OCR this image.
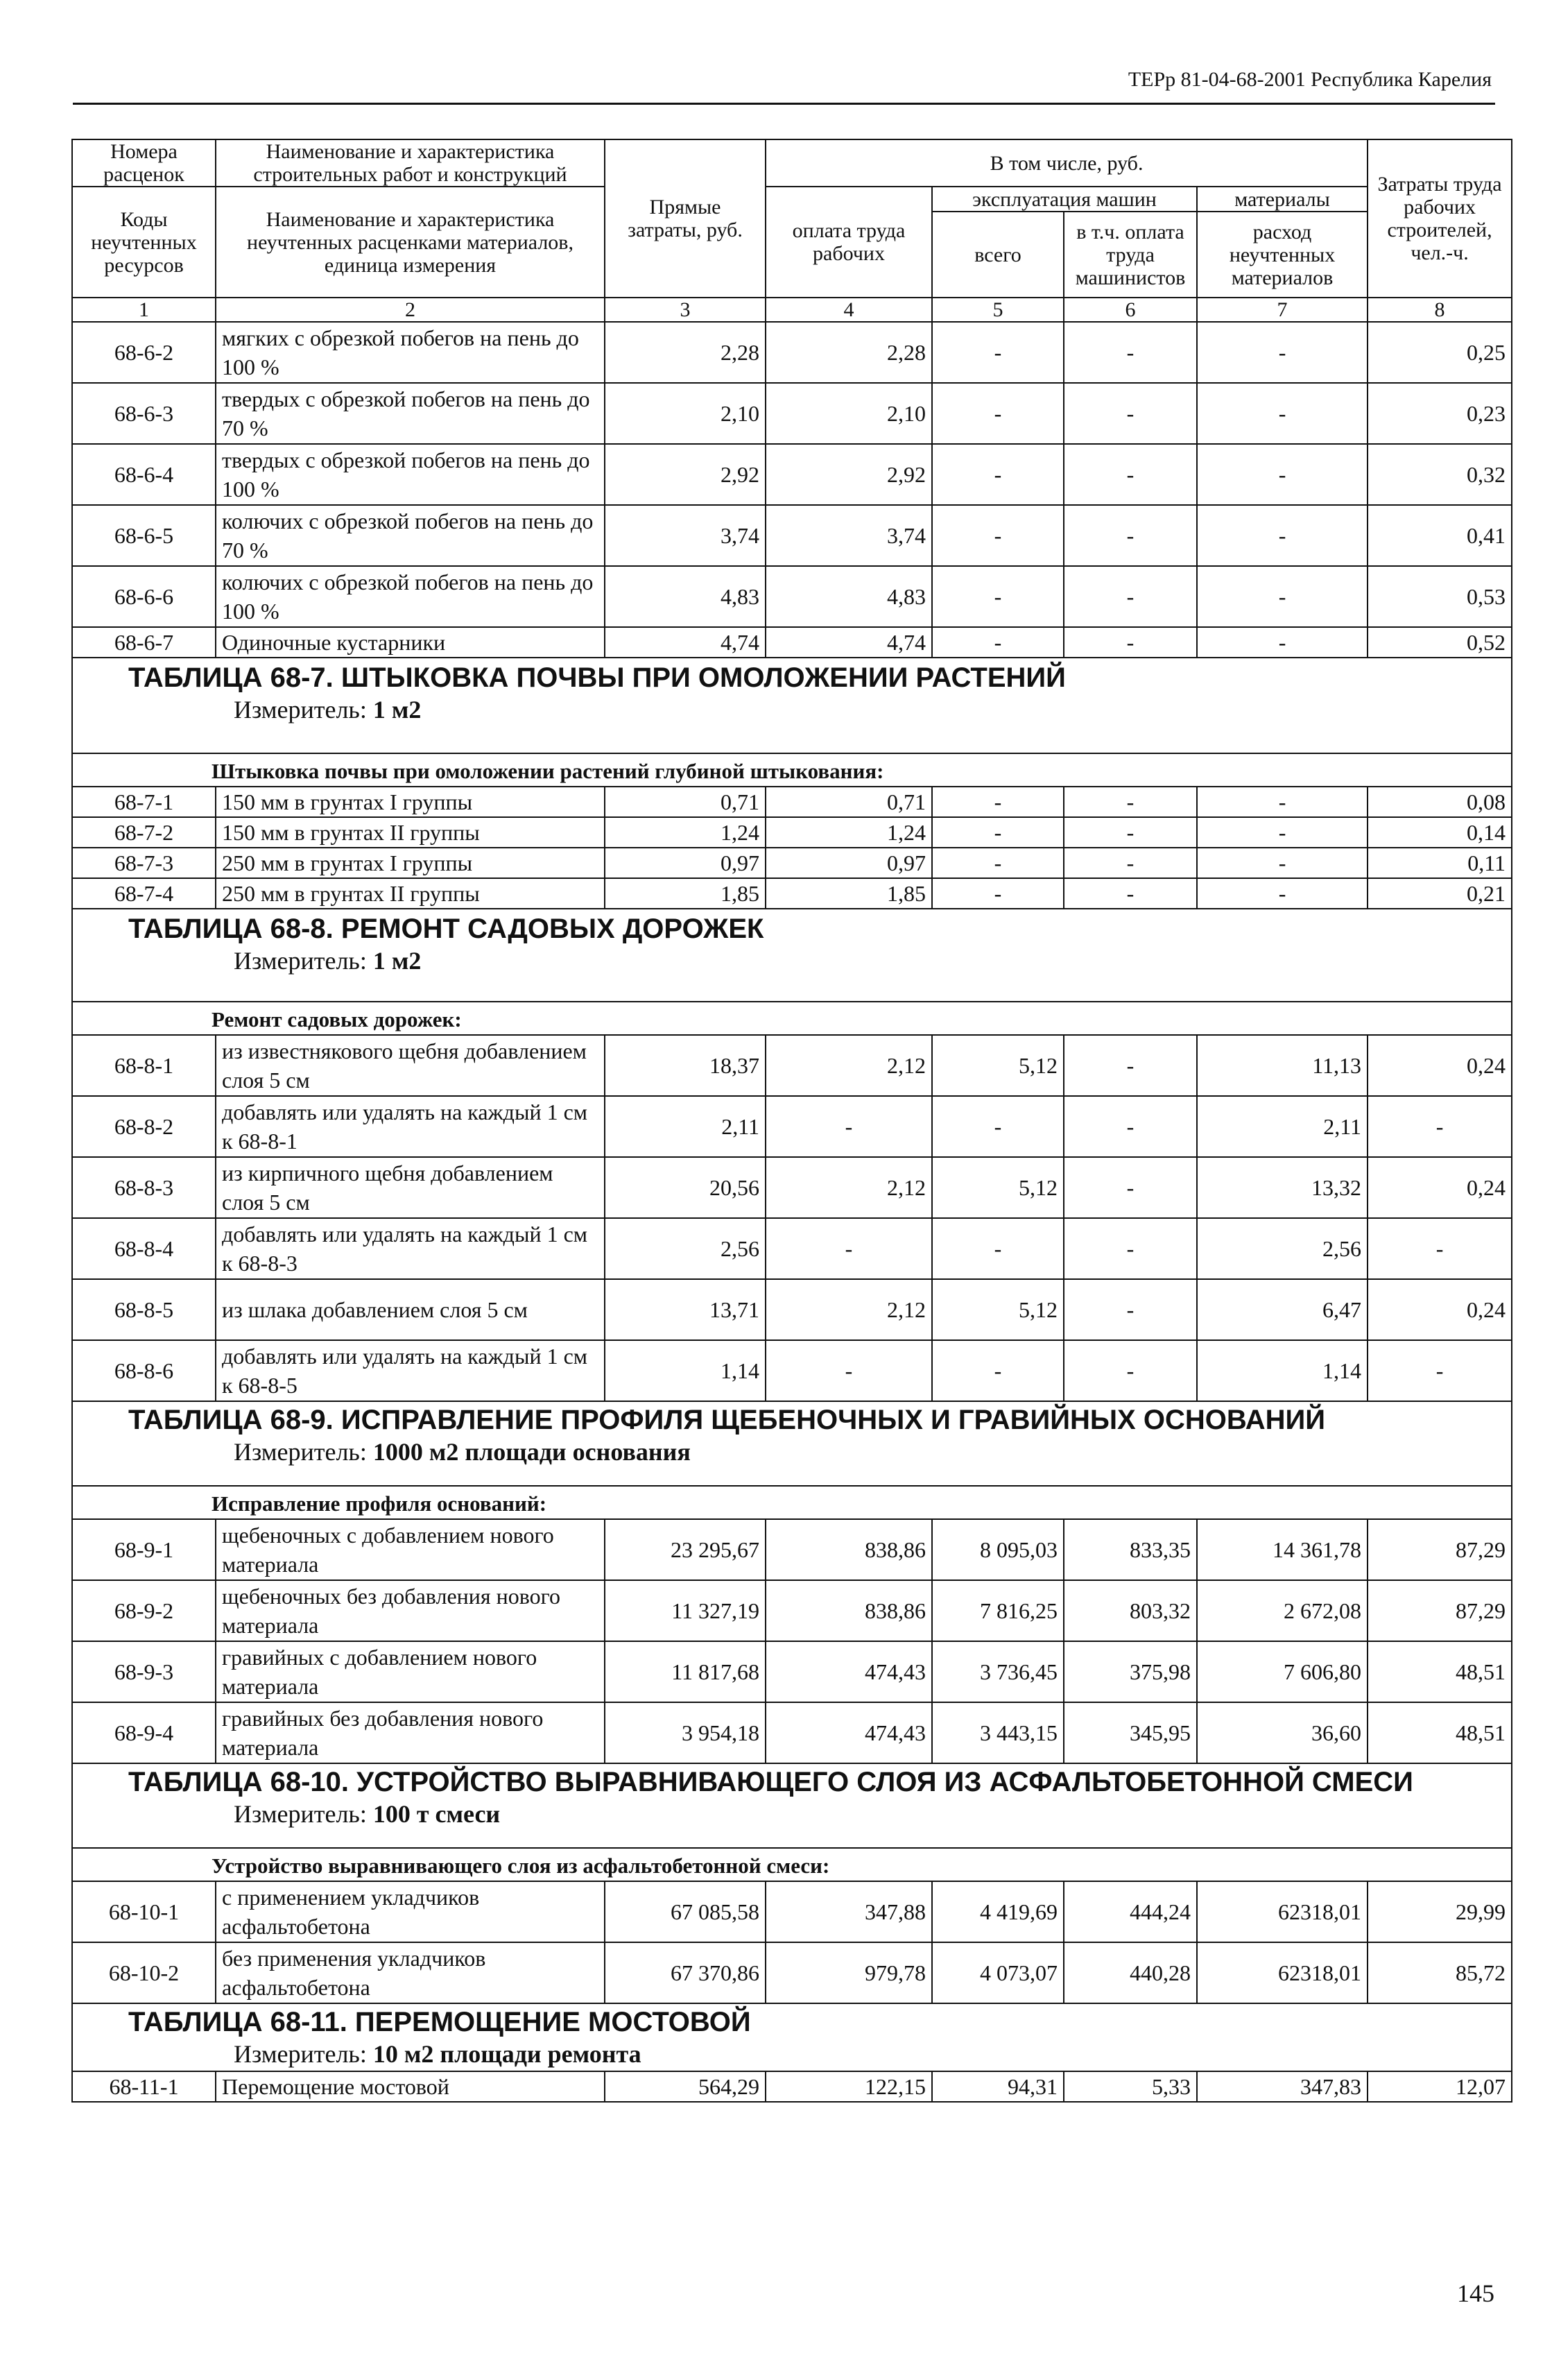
ТЕРр 81-04-68-2001 Республика Карелия
Номера расценок	Наименование и характеристика строительных работ и конструкций	Прямые затраты, руб.	В том числе, руб.				Затраты труда рабочих строителей, чел.-ч.
Коды неучтенных ресурсов	Наименование и характеристика неучтенных расценками материалов, единица измерения		оплата труда рабочих	эксплуатация машин		материалы	
				всего	в т.ч. оплата труда машинистов	расход неучтенных материалов	
1	2	3	4	5	6	7	8
68-6-2	мягких с обрезкой побегов на пень до 100 %	2,28	2,28	-	-	-	0,25
68-6-3	твердых с обрезкой побегов на пень до 70 %	2,10	2,10	-	-	-	0,23
68-6-4	твердых с обрезкой побегов на пень до 100 %	2,92	2,92	-	-	-	0,32
68-6-5	колючих с обрезкой побегов на пень до 70 %	3,74	3,74	-	-	-	0,41
68-6-6	колючих с обрезкой побегов на пень до 100 %	4,83	4,83	-	-	-	0,53
68-6-7	Одиночные кустарники	4,74	4,74	-	-	-	0,52

ТАБЛИЦА 68-7. ШТЫКОВКА ПОЧВЫ ПРИ ОМОЛОЖЕНИИ РАСТЕНИЙ
Измеритель: 1 м2							

Штыковка почвы при омоложении растений глубиной штыкования:							
68-7-1	150 мм в грунтах I группы	0,71	0,71	-	-	-	0,08
68-7-2	150 мм в грунтах II группы	1,24	1,24	-	-	-	0,14
68-7-3	250 мм в грунтах I группы	0,97	0,97	-	-	-	0,11
68-7-4	250 мм в грунтах II группы	1,85	1,85	-	-	-	0,21

ТАБЛИЦА 68-8. РЕМОНТ САДОВЫХ ДОРОЖЕК
Измеритель: 1 м2							

Ремонт садовых дорожек:							
68-8-1	из известнякового щебня добавлением слоя 5 см	18,37	2,12	5,12	-	11,13	0,24
68-8-2	добавлять или удалять на каждый 1 см к 68-8-1	2,11	-	-	-	2,11	-
68-8-3	из кирпичного щебня добавлением слоя 5 см	20,56	2,12	5,12	-	13,32	0,24
68-8-4	добавлять или удалять на каждый 1 см к 68-8-3	2,56	-	-	-	2,56	-
68-8-5	из шлака добавлением слоя 5 см	13,71	2,12	5,12	-	6,47	0,24
68-8-6	добавлять или удалять на каждый 1 см к 68-8-5	1,14	-	-	-	1,14	-

ТАБЛИЦА 68-9. ИСПРАВЛЕНИЕ ПРОФИЛЯ ЩЕБЕНОЧНЫХ И ГРАВИЙНЫХ ОСНОВАНИЙ
Измеритель: 1000 м2 площади основания							

Исправление профиля оснований:							
68-9-1	щебеночных с добавлением нового материала	23 295,67	838,86	8 095,03	833,35	14 361,78	87,29
68-9-2	щебеночных без добавления нового материала	11 327,19	838,86	7 816,25	803,32	2 672,08	87,29
68-9-3	гравийных с добавлением нового материала	11 817,68	474,43	3 736,45	375,98	7 606,80	48,51
68-9-4	гравийных без добавления нового материала	3 954,18	474,43	3 443,15	345,95	36,60	48,51

ТАБЛИЦА 68-10. УСТРОЙСТВО ВЫРАВНИВАЮЩЕГО СЛОЯ ИЗ АСФАЛЬТОБЕТОННОЙ СМЕСИ
Измеритель: 100 т смеси							

Устройство выравнивающего слоя из асфальтобетонной смеси:							
68-10-1	с применением укладчиков асфальтобетона	67 085,58	347,88	4 419,69	444,24	62318,01	29,99
68-10-2	без применения укладчиков асфальтобетона	67 370,86	979,78	4 073,07	440,28	62318,01	85,72

ТАБЛИЦА 68-11. ПЕРЕМОЩЕНИЕ МОСТОВОЙ
Измеритель: 10 м2 площади ремонта							

68-11-1	Перемощение мостовой	564,29	122,15	94,31	5,33	347,83	12,07
145
